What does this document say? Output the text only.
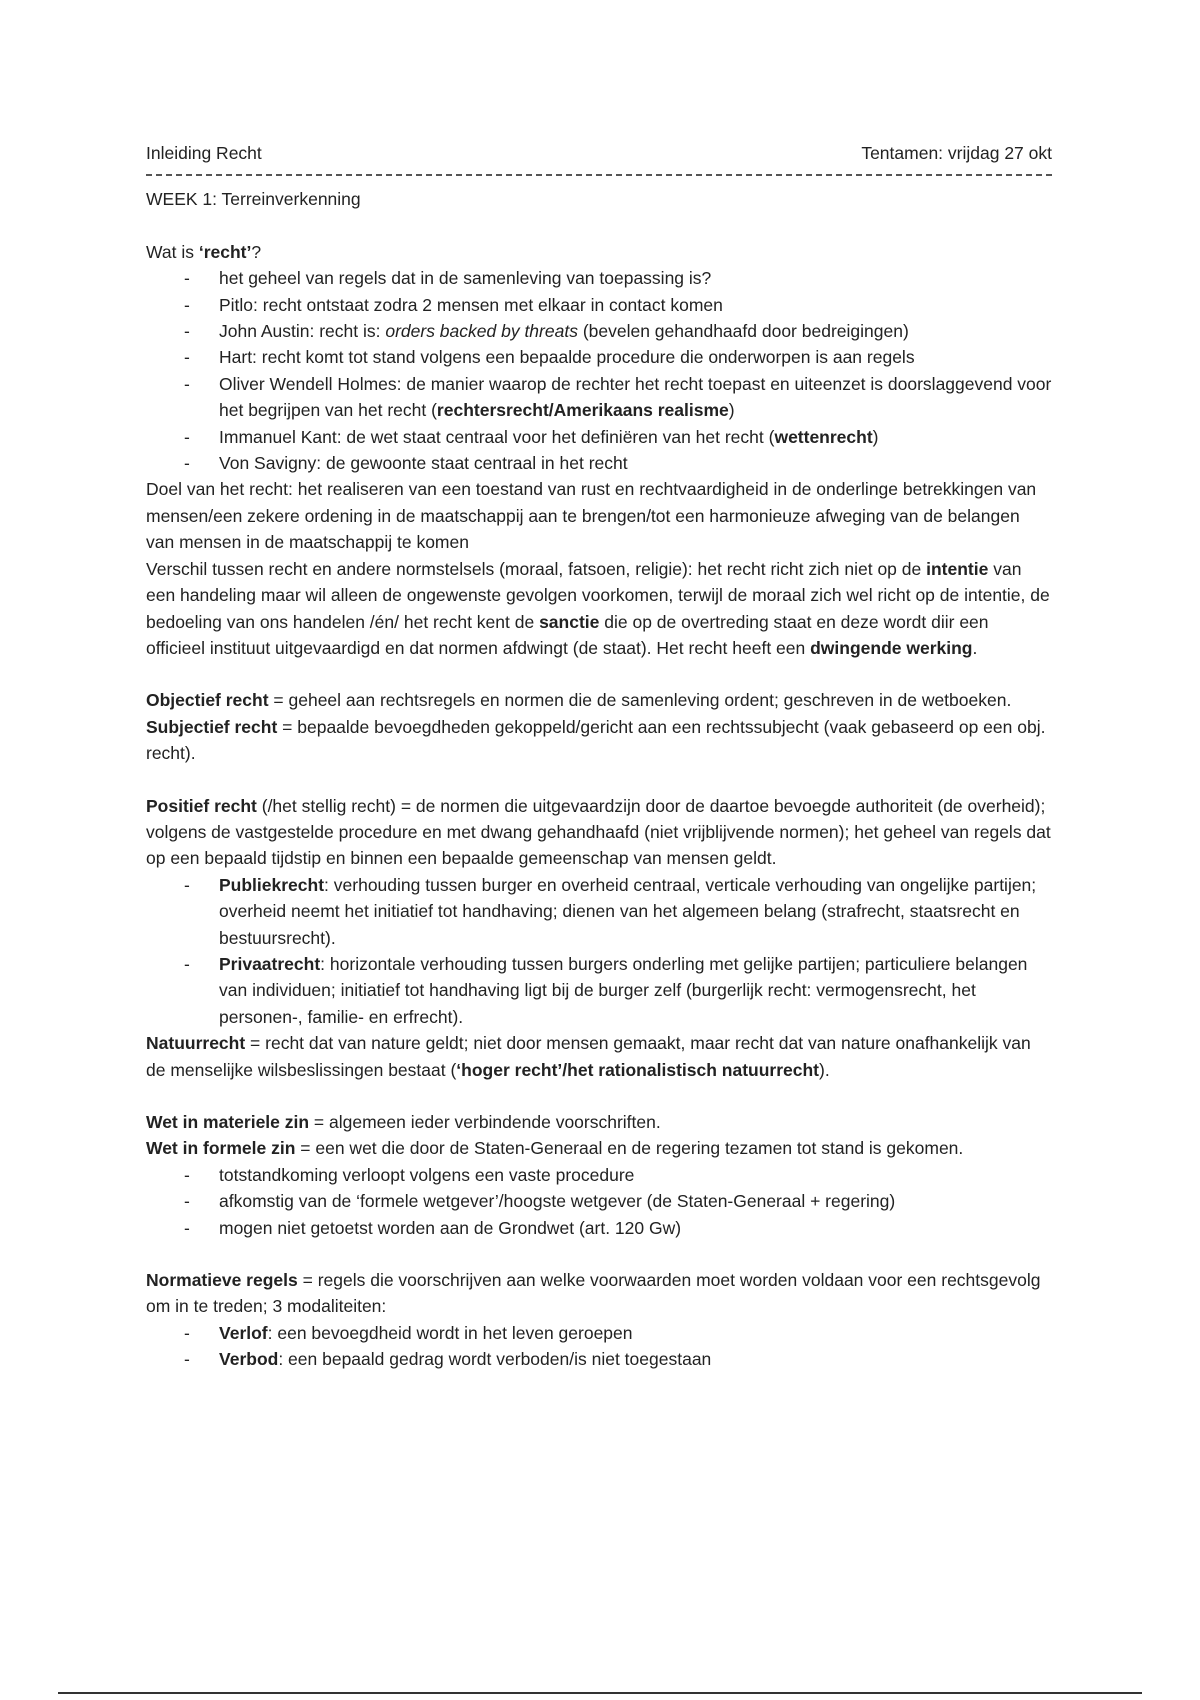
Inleiding Recht	Tentamen: vrijdag 27 okt

WEEK 1: Terreinverkenning

Wat is ‘recht’?

- het geheel van regels dat in de samenleving van toepassing is?
- Pitlo: recht ontstaat zodra 2 mensen met elkaar in contact komen
- John Austin: recht is: orders backed by threats (bevelen gehandhaafd door bedreigingen)
- Hart: recht komt tot stand volgens een bepaalde procedure die onderworpen is aan regels
- Oliver Wendell Holmes: de manier waarop de rechter het recht toepast en uiteenzet is doorslaggevend voor het begrijpen van het recht (rechtersrecht/Amerikaans realisme)
- Immanuel Kant: de wet staat centraal voor het definiëren van het recht (wettenrecht)
- Von Savigny: de gewoonte staat centraal in het recht

Doel van het recht: het realiseren van een toestand van rust en rechtvaardigheid in de onderlinge betrekkingen van mensen/een zekere ordening in de maatschappij aan te brengen/tot een harmonieuze afweging van de belangen van mensen in de maatschappij te komen

Verschil tussen recht en andere normstelsels (moraal, fatsoen, religie): het recht richt zich niet op de intentie van een handeling maar wil alleen de ongewenste gevolgen voorkomen, terwijl de moraal zich wel richt op de intentie, de bedoeling van ons handelen /én/ het recht kent de sanctie die op de overtreding staat en deze wordt diir een officieel instituut uitgevaardigd en dat normen afdwingt (de staat). Het recht heeft een dwingende werking.

Objectief recht = geheel aan rechtsregels en normen die de samenleving ordent; geschreven in de wetboeken.

Subjectief recht = bepaalde bevoegdheden gekoppeld/gericht aan een rechtssubjecht (vaak gebaseerd op een obj. recht).

Positief recht (/het stellig recht) = de normen die uitgevaardzijn door de daartoe bevoegde authoriteit (de overheid); volgens de vastgestelde procedure en met dwang gehandhaafd (niet vrijblijvende normen); het geheel van regels dat op een bepaald tijdstip en binnen een bepaalde gemeenschap van mensen geldt.

- Publiekrecht: verhouding tussen burger en overheid centraal, verticale verhouding van ongelijke partijen; overheid neemt het initiatief tot handhaving; dienen van het algemeen belang (strafrecht, staatsrecht en bestuursrecht).
- Privaatrecht: horizontale verhouding tussen burgers onderling met gelijke partijen; particuliere belangen van individuen; initiatief tot handhaving ligt bij de burger zelf (burgerlijk recht: vermogensrecht, het personen-, familie- en erfrecht).

Natuurrecht = recht dat van nature geldt; niet door mensen gemaakt, maar recht dat van nature onafhankelijk van de menselijke wilsbeslissingen bestaat (‘hoger recht’/het rationalistisch natuurrecht).

Wet in materiele zin = algemeen ieder verbindende voorschriften.

Wet in formele zin = een wet die door de Staten-Generaal en de regering tezamen tot stand is gekomen.

- totstandkoming verloopt volgens een vaste procedure
- afkomstig van de ‘formele wetgever’/hoogste wetgever (de Staten-Generaal + regering)
- mogen niet getoetst worden aan de Grondwet (art. 120 Gw)

Normatieve regels = regels die voorschrijven aan welke voorwaarden moet worden voldaan voor een rechtsgevolg om in te treden; 3 modaliteiten:

- Verlof: een bevoegdheid wordt in het leven geroepen
- Verbod: een bepaald gedrag wordt verboden/is niet toegestaan
